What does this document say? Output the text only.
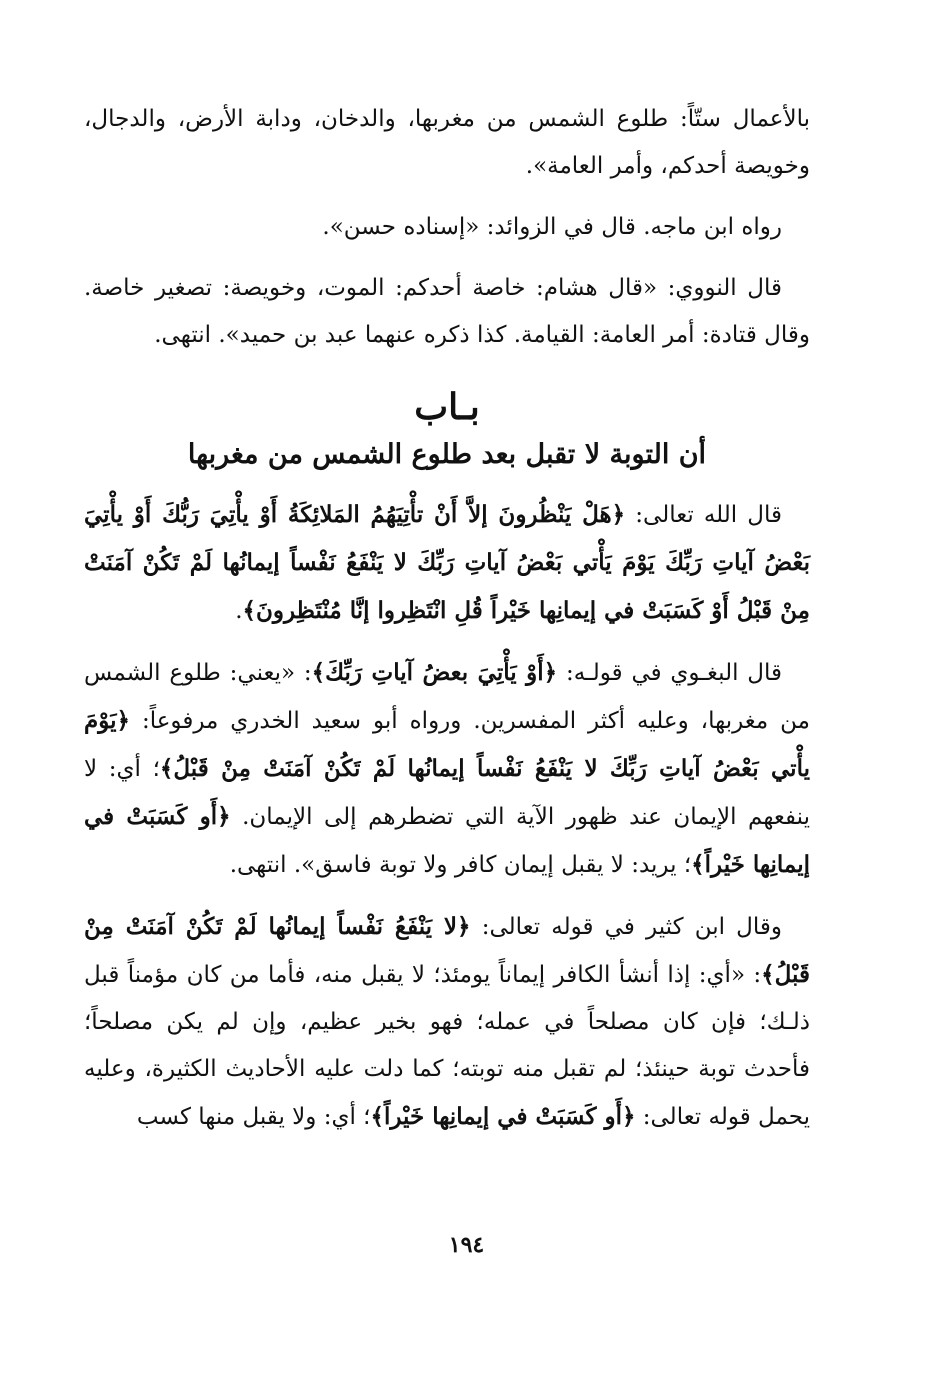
بالأعمال ستّاً: طلوع الشمس من مغربها، والدخان، ودابة الأرض، والدجال، وخويصة أحدكم، وأمر العامة».

رواه ابن ماجه. قال في الزوائد: «إسناده حسن».

قال النووي: «قال هشام: خاصة أحدكم: الموت، وخويصة: تصغير خاصة. وقال قتادة: أمر العامة: القيامة. كذا ذكره عنهما عبد بن حميد». انتهى.

بـاب
أن التوبة لا تقبل بعد طلوع الشمس من مغربها

قال الله تعالى: ﴿هَلْ يَنْظُرونَ إلاَّ أَنْ تأْتِيَهُمُ المَلائِكَةُ أَوْ يأْتِيَ رَبُّكَ أَوْ يأْتِيَ بَعْضُ آياتِ رَبِّكَ يَوْمَ يَأْتي بَعْضُ آياتِ رَبِّكَ لا يَنْفَعُ نَفْساً إيمانُها لَمْ تَكُنْ آمَنَتْ مِنْ قَبْلُ أَوْ كَسَبَتْ في إيمانِها خَيْراً قُلِ انْتَظِروا إنَّا مُنْتَظِرونَ﴾.

قال البغـوي في قولـه: ﴿أَوْ يَأْتِيَ بعضُ آياتِ رَبِّكَ﴾: «يعني: طلوع الشمس من مغربها، وعليه أكثر المفسرين. ورواه أبو سعيد الخدري مرفوعاً: ﴿يَوْمَ يأْتي بَعْضُ آياتِ رَبِّكَ لا يَنْفَعُ نَفْساً إيمانُها لَمْ تَكُنْ آمَنَتْ مِنْ قَبْلُ﴾؛ أي: لا ينفعهم الإيمان عند ظهور الآية التي تضطرهم إلى الإيمان. ﴿أَو كَسَبَتْ في إيمانِها خَيْراً﴾؛ يريد: لا يقبل إيمان كافر ولا توبة فاسق». انتهى.

وقال ابن كثير في قوله تعالى: ﴿لا يَنْفَعُ نَفْساً إيمانُها لَمْ تَكُنْ آمَنَتْ مِنْ قَبْلُ﴾: «أي: إذا أنشأ الكافر إيماناً يومئذ؛ لا يقبل منه، فأما من كان مؤمناً قبل ذلـك؛ فإن كان مصلحاً في عمله؛ فهو بخير عظيم، وإن لم يكن مصلحاً؛ فأحدث توبة حينئذ؛ لم تقبل منه توبته؛ كما دلت عليه الأحاديث الكثيرة، وعليه يحمل قوله تعالى: ﴿أَو كَسَبَتْ في إيمانِها خَيْراً﴾؛ أي: ولا يقبل منها كسب

١٩٤
